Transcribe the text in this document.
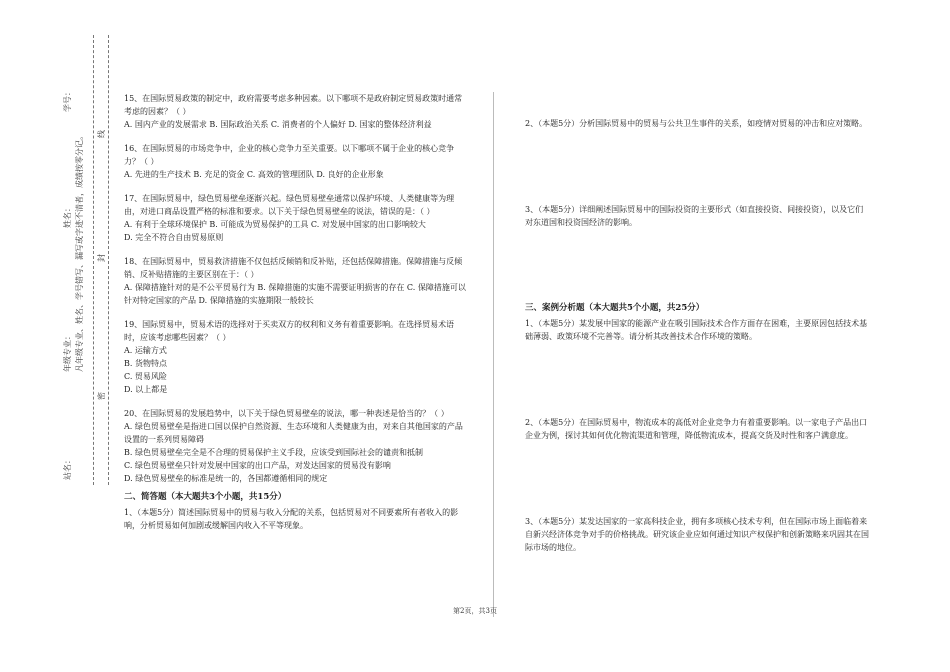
学号：
姓名：
年级专业：
站名：
凡年级专业、姓名、学号错写、漏写或字迹不清者，成绩按零分记。
密
封
线

15、在国际贸易政策的制定中，政府需要考虑多种因素。以下哪项不是政府制定贸易政策时通常考虑的因素？（ ）

A. 国内产业的发展需求 B. 国际政治关系 C. 消费者的个人偏好 D. 国家的整体经济利益

16、在国际贸易的市场竞争中，企业的核心竞争力至关重要。以下哪项不属于企业的核心竞争力？（ ）

A. 先进的生产技术 B. 充足的资金 C. 高效的管理团队 D. 良好的企业形象

17、在国际贸易中，绿色贸易壁垒逐渐兴起。绿色贸易壁垒通常以保护环境、人类健康等为理由，对进口商品设置严格的标准和要求。以下关于绿色贸易壁垒的说法，错误的是：（ ）

A. 有利于全球环境保护 B. 可能成为贸易保护的工具 C. 对发展中国家的出口影响较大

D. 完全不符合自由贸易原则

18、在国际贸易中，贸易救济措施不仅包括反倾销和反补贴，还包括保障措施。保障措施与反倾销、反补贴措施的主要区别在于：（ ）

A. 保障措施针对的是不公平贸易行为 B. 保障措施的实施不需要证明损害的存在 C. 保障措施可以针对特定国家的产品 D. 保障措施的实施期限一般较长

19、国际贸易中，贸易术语的选择对于买卖双方的权利和义务有着重要影响。在选择贸易术语时，应该考虑哪些因素？（ ）

A. 运输方式

B. 货物特点

C. 贸易风险

D. 以上都是

20、在国际贸易的发展趋势中，以下关于绿色贸易壁垒的说法，哪一种表述是恰当的？（ ）

A. 绿色贸易壁垒是指进口国以保护自然资源、生态环境和人类健康为由，对来自其他国家的产品设置的一系列贸易障碍

B. 绿色贸易壁垒完全是不合理的贸易保护主义手段，应该受到国际社会的谴责和抵制

C. 绿色贸易壁垒只针对发展中国家的出口产品，对发达国家的贸易没有影响

D. 绿色贸易壁垒的标准是统一的，各国都遵循相同的规定

二、简答题（本大题共3个小题，共15分）

1、（本题5分）简述国际贸易中的贸易与收入分配的关系，包括贸易对不同要素所有者收入的影响，分析贸易如何加剧或缓解国内收入不平等现象。

2、（本题5分）分析国际贸易中的贸易与公共卫生事件的关系，如疫情对贸易的冲击和应对策略。

3、（本题5分）详细阐述国际贸易中的国际投资的主要形式（如直接投资、间接投资），以及它们对东道国和投资国经济的影响。

三、案例分析题（本大题共5个小题，共25分）

1、（本题5分）某发展中国家的能源产业在吸引国际技术合作方面存在困难，主要原因包括技术基础薄弱、政策环境不完善等。请分析其改善技术合作环境的策略。

2、（本题5分）在国际贸易中，物流成本的高低对企业竞争力有着重要影响。以一家电子产品出口企业为例，探讨其如何优化物流渠道和管理，降低物流成本，提高交货及时性和客户满意度。

3、（本题5分）某发达国家的一家高科技企业，拥有多项核心技术专利，但在国际市场上面临着来自新兴经济体竞争对手的价格挑战。研究该企业应如何通过知识产权保护和创新策略来巩固其在国际市场的地位。

第2页，共3页
